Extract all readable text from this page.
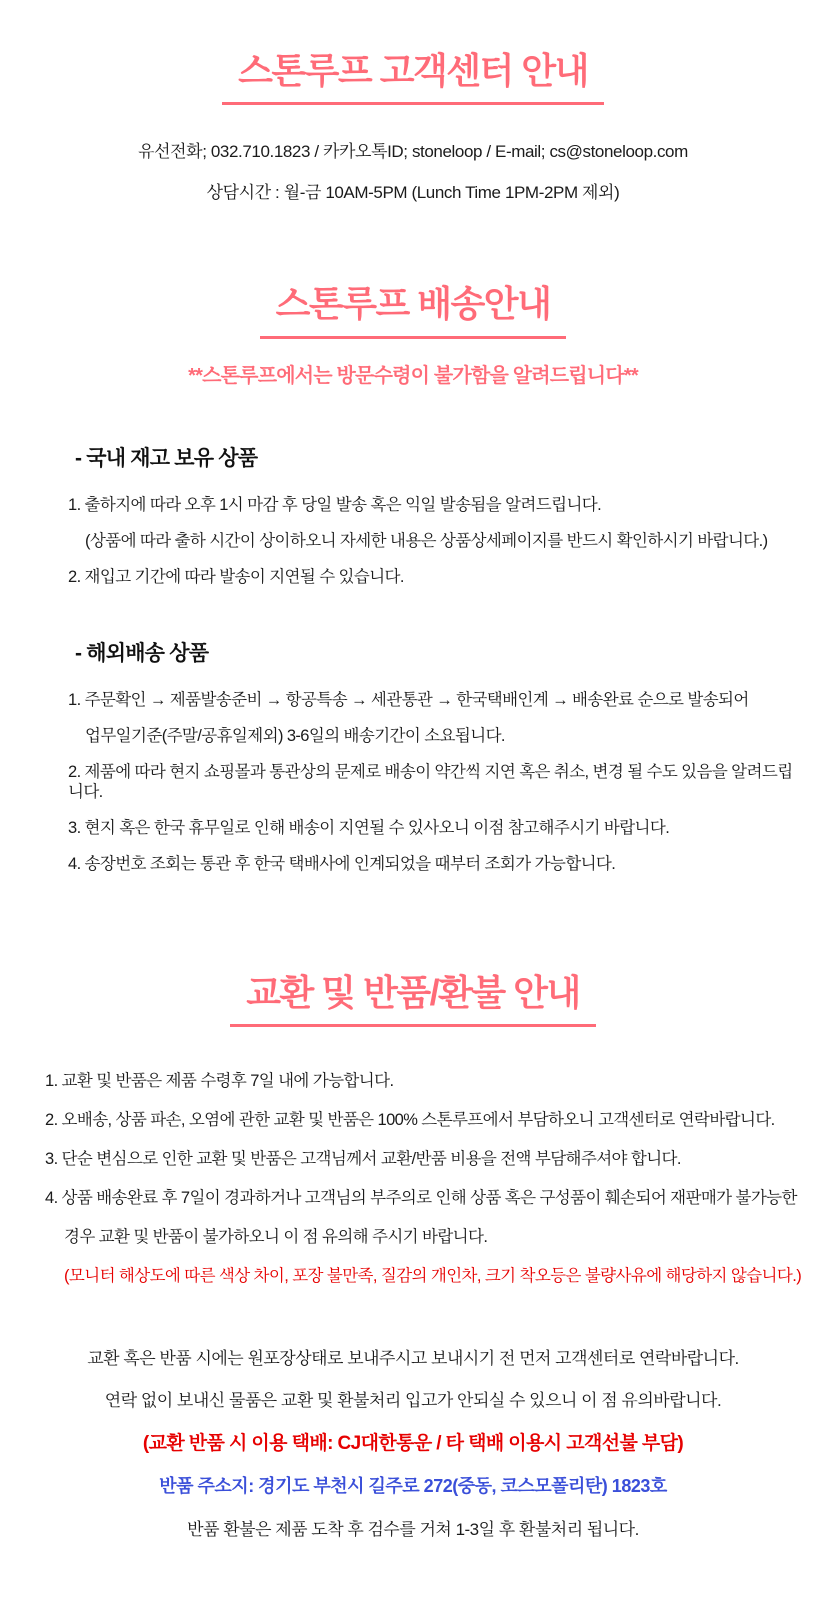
스톤루프 고객센터 안내

유선전화; 032.710.1823 / 카카오톡ID; stoneloop / E-mail; cs@stoneloop.com

상담시간 : 월-금 10AM-5PM (Lunch Time 1PM-2PM 제외)

스톤루프 배송안내

**스톤루프에서는 방문수령이 불가함을 알려드립니다**

- 국내 재고 보유 상품

1. 출하지에 따라 오후 1시 마감 후 당일 발송 혹은 익일 발송됨을 알려드립니다.

(상품에 따라 출하 시간이 상이하오니 자세한 내용은 상품상세페이지를 반드시 확인하시기 바랍니다.)

2. 재입고 기간에 따라 발송이 지연될 수 있습니다.

- 해외배송 상품

1. 주문확인 → 제품발송준비 → 항공특송 → 세관통관 → 한국택배인계 → 배송완료 순으로 발송되어

업무일기준(주말/공휴일제외) 3-6일의 배송기간이 소요됩니다.

2. 제품에 따라 현지 쇼핑몰과 통관상의 문제로 배송이 약간씩 지연 혹은 취소, 변경 될 수도 있음을 알려드립니다.

3. 현지 혹은 한국 휴무일로 인해 배송이 지연될 수 있사오니 이점 참고해주시기 바랍니다.

4. 송장번호 조회는 통관 후 한국 택배사에 인계되었을 때부터 조회가 가능합니다.

교환 및 반품/환불 안내

1. 교환 및 반품은 제품 수령후 7일 내에 가능합니다.

2. 오배송, 상품 파손, 오염에 관한 교환 및 반품은 100% 스톤루프에서 부담하오니 고객센터로 연락바랍니다.

3. 단순 변심으로 인한 교환 및 반품은 고객님께서 교환/반품 비용을 전액 부담해주셔야 합니다.

4. 상품 배송완료 후 7일이 경과하거나 고객님의 부주의로 인해 상품 혹은 구성품이 훼손되어 재판매가 불가능한

경우 교환 및 반품이 불가하오니 이 점 유의해 주시기 바랍니다.

(모니터 해상도에 따른 색상 차이, 포장 불만족, 질감의 개인차, 크기 착오등은 불량사유에 해당하지 않습니다.)

교환 혹은 반품 시에는 원포장상태로 보내주시고 보내시기 전 먼저 고객센터로 연락바랍니다.

연락 없이 보내신 물품은 교환 및 환불처리 입고가 안되실 수 있으니 이 점 유의바랍니다.

(교환 반품 시 이용 택배: CJ대한통운 / 타 택배 이용시 고객선불 부담)

반품 주소지: 경기도 부천시 길주로 272(중동, 코스모폴리탄) 1823호

반품 환불은 제품 도착 후 검수를 거쳐 1-3일 후 환불처리 됩니다.
